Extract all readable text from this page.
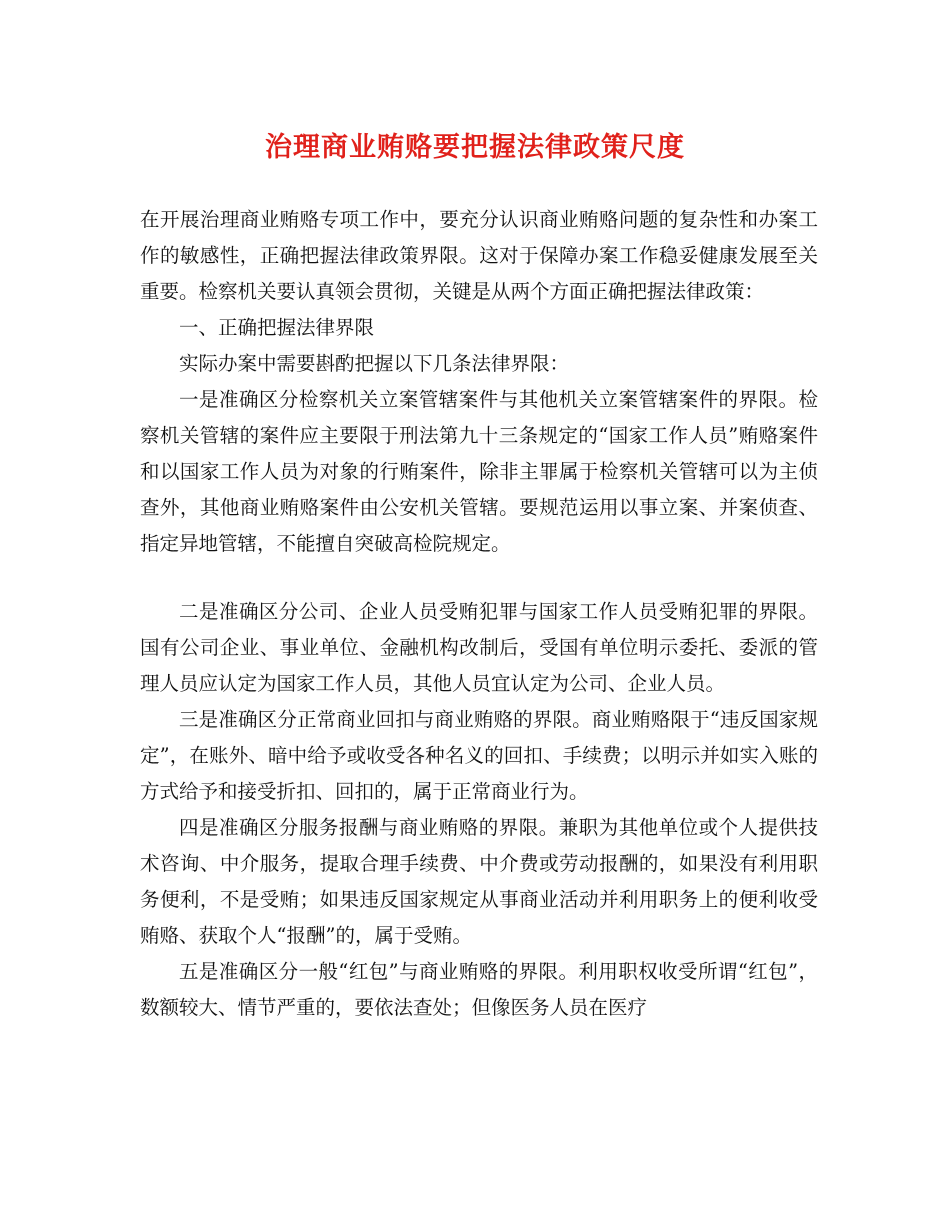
治理商业贿赂要把握法律政策尺度

在开展治理商业贿赂专项工作中，要充分认识商业贿赂问题的复杂性和办案工作的敏感性，正确把握法律政策界限。这对于保障办案工作稳妥健康发展至关重要。检察机关要认真领会贯彻，关键是从两个方面正确把握法律政策：

一、正确把握法律界限

实际办案中需要斟酌把握以下几条法律界限：

一是准确区分检察机关立案管辖案件与其他机关立案管辖案件的界限。检察机关管辖的案件应主要限于刑法第九十三条规定的“国家工作人员”贿赂案件和以国家工作人员为对象的行贿案件，除非主罪属于检察机关管辖可以为主侦查外，其他商业贿赂案件由公安机关管辖。要规范运用以事立案、并案侦查、指定异地管辖，不能擅自突破高检院规定。

二是准确区分公司、企业人员受贿犯罪与国家工作人员受贿犯罪的界限。国有公司企业、事业单位、金融机构改制后，受国有单位明示委托、委派的管理人员应认定为国家工作人员，其他人员宜认定为公司、企业人员。

三是准确区分正常商业回扣与商业贿赂的界限。商业贿赂限于“违反国家规定”，在账外、暗中给予或收受各种名义的回扣、手续费；以明示并如实入账的方式给予和接受折扣、回扣的，属于正常商业行为。

四是准确区分服务报酬与商业贿赂的界限。兼职为其他单位或个人提供技术咨询、中介服务，提取合理手续费、中介费或劳动报酬的，如果没有利用职务便利，不是受贿；如果违反国家规定从事商业活动并利用职务上的便利收受贿赂、获取个人“报酬”的，属于受贿。

五是准确区分一般“红包”与商业贿赂的界限。利用职权收受所谓“红包”，数额较大、情节严重的，要依法查处；但像医务人员在医疗
